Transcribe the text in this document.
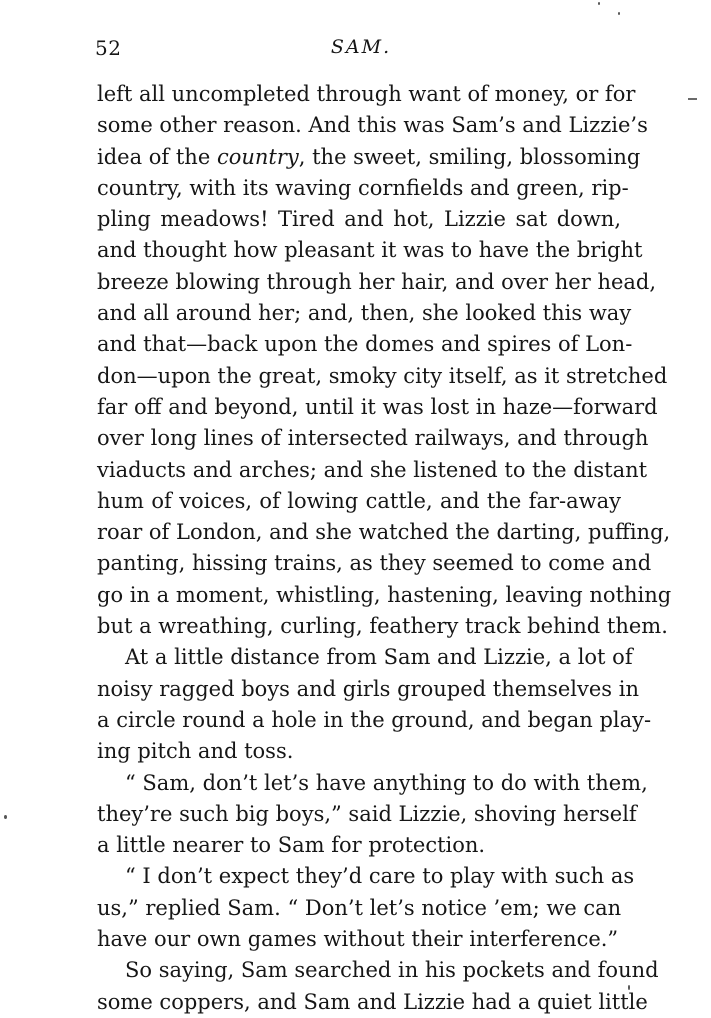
52	SAM.
left all uncompleted through want of money, or for
some other reason. And this was Sam’s and Lizzie’s
idea of the country, the sweet, smiling, blossoming
country, with its waving cornfields and green, rip-
pling meadows! Tired and hot, Lizzie sat down,
and thought how pleasant it was to have the bright
breeze blowing through her hair, and over her head,
and all around her; and, then, she looked this way
and that—back upon the domes and spires of Lon-
don—upon the great, smoky city itself, as it stretched
far off and beyond, until it was lost in haze—forward
over long lines of intersected railways, and through
viaducts and arches; and she listened to the distant
hum of voices, of lowing cattle, and the far-away
roar of London, and she watched the darting, puffing,
panting, hissing trains, as they seemed to come and
go in a moment, whistling, hastening, leaving nothing
but a wreathing, curling, feathery track behind them.
At a little distance from Sam and Lizzie, a lot of
noisy ragged boys and girls grouped themselves in
a circle round a hole in the ground, and began play-
ing pitch and toss.
“ Sam, don’t let’s have anything to do with them,
they’re such big boys,” said Lizzie, shoving herself
a little nearer to Sam for protection.
“ I don’t expect they’d care to play with such as
us,” replied Sam. “ Don’t let’s notice ’em; we can
have our own games without their interference.”
So saying, Sam searched in his pockets and found
some coppers, and Sam and Lizzie had a quiet little
